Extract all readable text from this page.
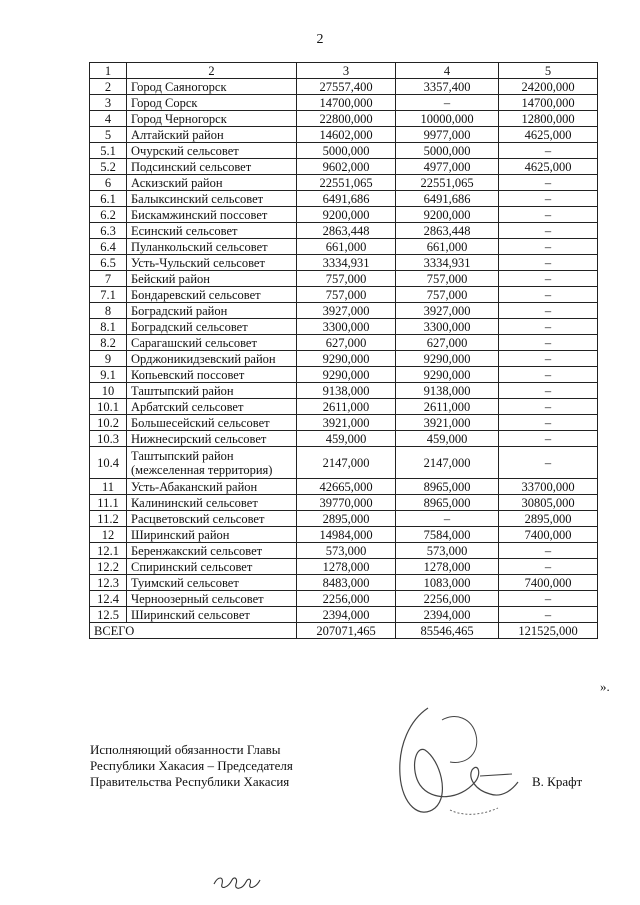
2
1	2	3	4	5
2	Город Саяногорск	27557,400	3357,400	24200,000
3	Город Сорск	14700,000	–	14700,000
4	Город Черногорск	22800,000	10000,000	12800,000
5	Алтайский район	14602,000	9977,000	4625,000
5.1	Очурский сельсовет	5000,000	5000,000	–
5.2	Подсинский сельсовет	9602,000	4977,000	4625,000
6	Аскизский район	22551,065	22551,065	–
6.1	Балыксинский сельсовет	6491,686	6491,686	–
6.2	Бискамжинский поссовет	9200,000	9200,000	–
6.3	Есинский сельсовет	2863,448	2863,448	–
6.4	Пуланкольский сельсовет	661,000	661,000	–
6.5	Усть-Чульский сельсовет	3334,931	3334,931	–
7	Бейский район	757,000	757,000	–
7.1	Бондаревский сельсовет	757,000	757,000	–
8	Боградский район	3927,000	3927,000	–
8.1	Боградский сельсовет	3300,000	3300,000	–
8.2	Сарагашский сельсовет	627,000	627,000	–
9	Орджоникидзевский район	9290,000	9290,000	–
9.1	Копьевский поссовет	9290,000	9290,000	–
10	Таштыпский район	9138,000	9138,000	–
10.1	Арбатский сельсовет	2611,000	2611,000	–
10.2	Большесейский сельсовет	3921,000	3921,000	–
10.3	Нижнесирский сельсовет	459,000	459,000	–
10.4	Таштыпский район (межселенная территория)	2147,000	2147,000	–
11	Усть-Абаканский район	42665,000	8965,000	33700,000
11.1	Калининский сельсовет	39770,000	8965,000	30805,000
11.2	Расцветовский сельсовет	2895,000	–	2895,000
12	Ширинский район	14984,000	7584,000	7400,000
12.1	Беренжакский сельсовет	573,000	573,000	–
12.2	Спиринский сельсовет	1278,000	1278,000	–
12.3	Туимский сельсовет	8483,000	1083,000	7400,000
12.4	Черноозерный сельсовет	2256,000	2256,000	–
12.5	Ширинский сельсовет	2394,000	2394,000	–
ВСЕГО		207071,465	85546,465	121525,000
».
Исполняющий обязанности Главы
Республики Хакасия – Председателя
Правительства Республики Хакасия	В. Крафт
